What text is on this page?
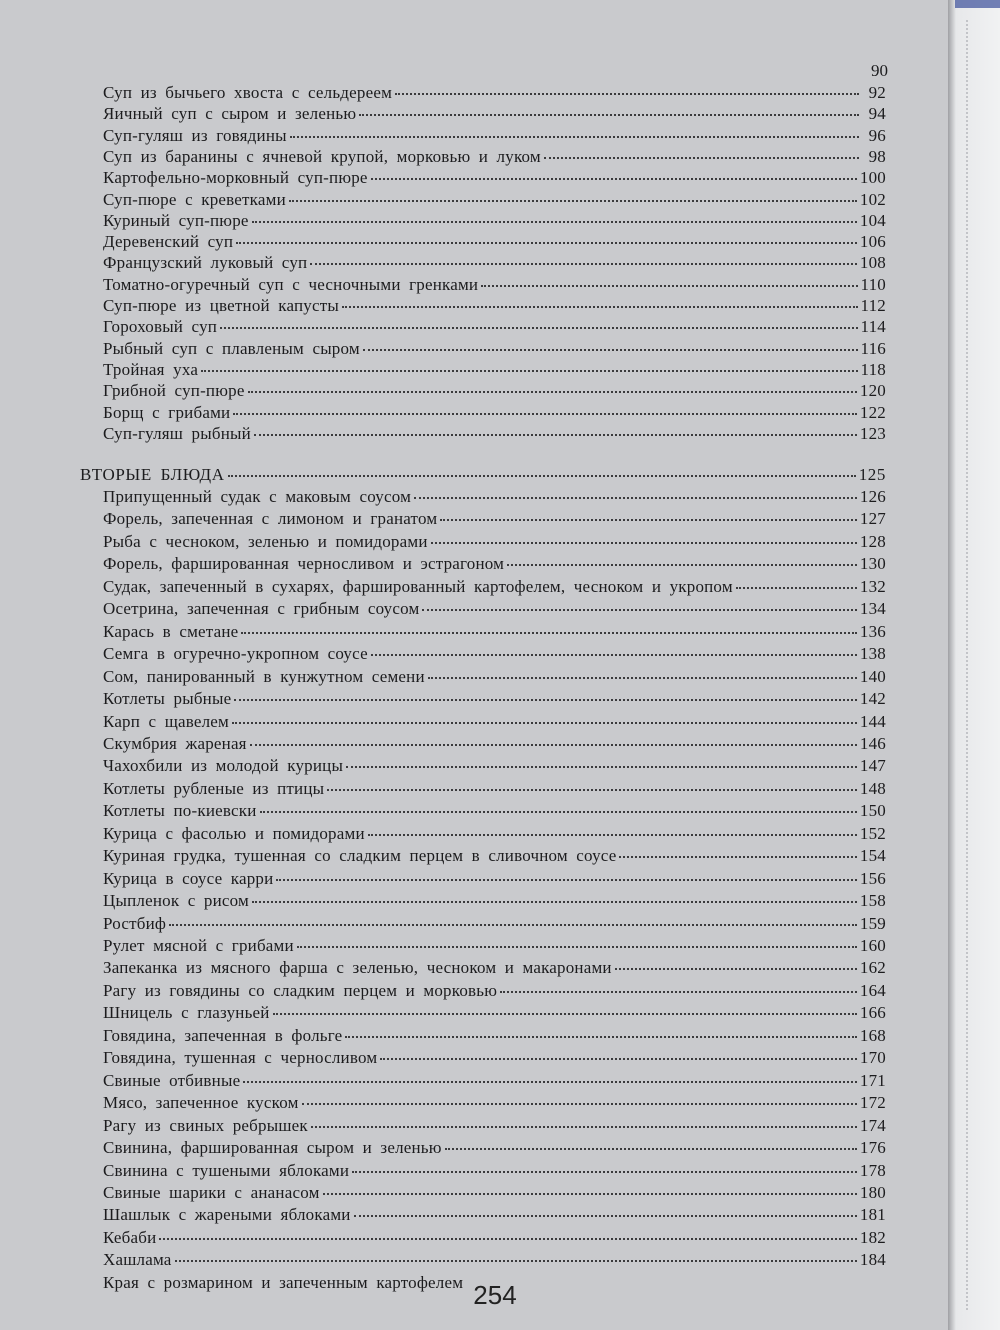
90
Суп из бычьего хвоста с сельдереем	92
Яичный суп с сыром и зеленью	94
Суп-гуляш из говядины	96
Суп из баранины с ячневой крупой, морковью и луком	98
Картофельно-морковный суп-пюре	100
Суп-пюре с креветками	102
Куриный суп-пюре	104
Деревенский суп	106
Французский луковый суп	108
Томатно-огуречный суп с чесночными гренками	110
Суп-пюре из цветной капусты	112
Гороховый суп	114
Рыбный суп с плавленым сыром	116
Тройная уха	118
Грибной суп-пюре	120
Борщ с грибами	122
Суп-гуляш рыбный	123
ВТОРЫЕ БЛЮДА	125
Припущенный судак с маковым соусом	126
Форель, запеченная с лимоном и гранатом	127
Рыба с чесноком, зеленью и помидорами	128
Форель, фаршированная черносливом и эстрагоном	130
Судак, запеченный в сухарях, фаршированный картофелем, чесноком и укропом	132
Осетрина, запеченная с грибным соусом	134
Карась в сметане	136
Семга в огуречно-укропном соусе	138
Сом, панированный в кунжутном семени	140
Котлеты рыбные	142
Карп с щавелем	144
Скумбрия жареная	146
Чахохбили из молодой курицы	147
Котлеты рубленые из птицы	148
Котлеты по-киевски	150
Курица с фасолью и помидорами	152
Куриная грудка, тушенная со сладким перцем в сливочном соусе	154
Курица в соусе карри	156
Цыпленок с рисом	158
Ростбиф	159
Рулет мясной с грибами	160
Запеканка из мясного фарша с зеленью, чесноком и макаронами	162
Рагу из говядины со сладким перцем и морковью	164
Шницель с глазуньей	166
Говядина, запеченная в фольге	168
Говядина, тушенная с черносливом	170
Свиные отбивные	171
Мясо, запеченное куском	172
Рагу из свиных ребрышек	174
Свинина, фаршированная сыром и зеленью	176
Свинина с тушеными яблоками	178
Свиные шарики с ананасом	180
Шашлык с жареными яблоками	181
Кебаби	182
Хашлама	184
Края с розмарином и запеченным картофелем 254
